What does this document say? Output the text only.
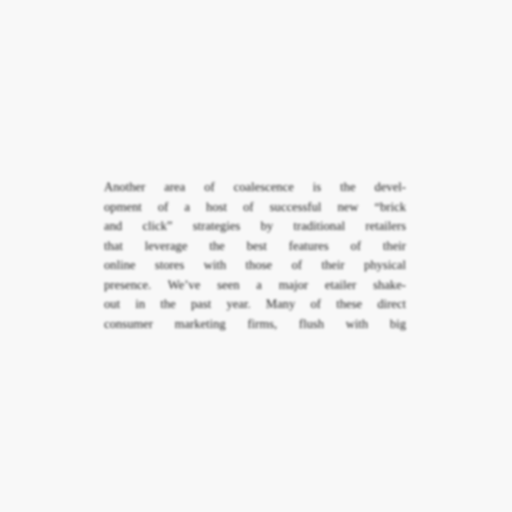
Another area of coalescence is the devel-
opment of a host of successful new “brick
and click” strategies by traditional retailers
that leverage the best features of their
online stores with those of their physical
presence. We’ve seen a major etailer shake-
out in the past year. Many of these direct
consumer marketing firms, flush with big
